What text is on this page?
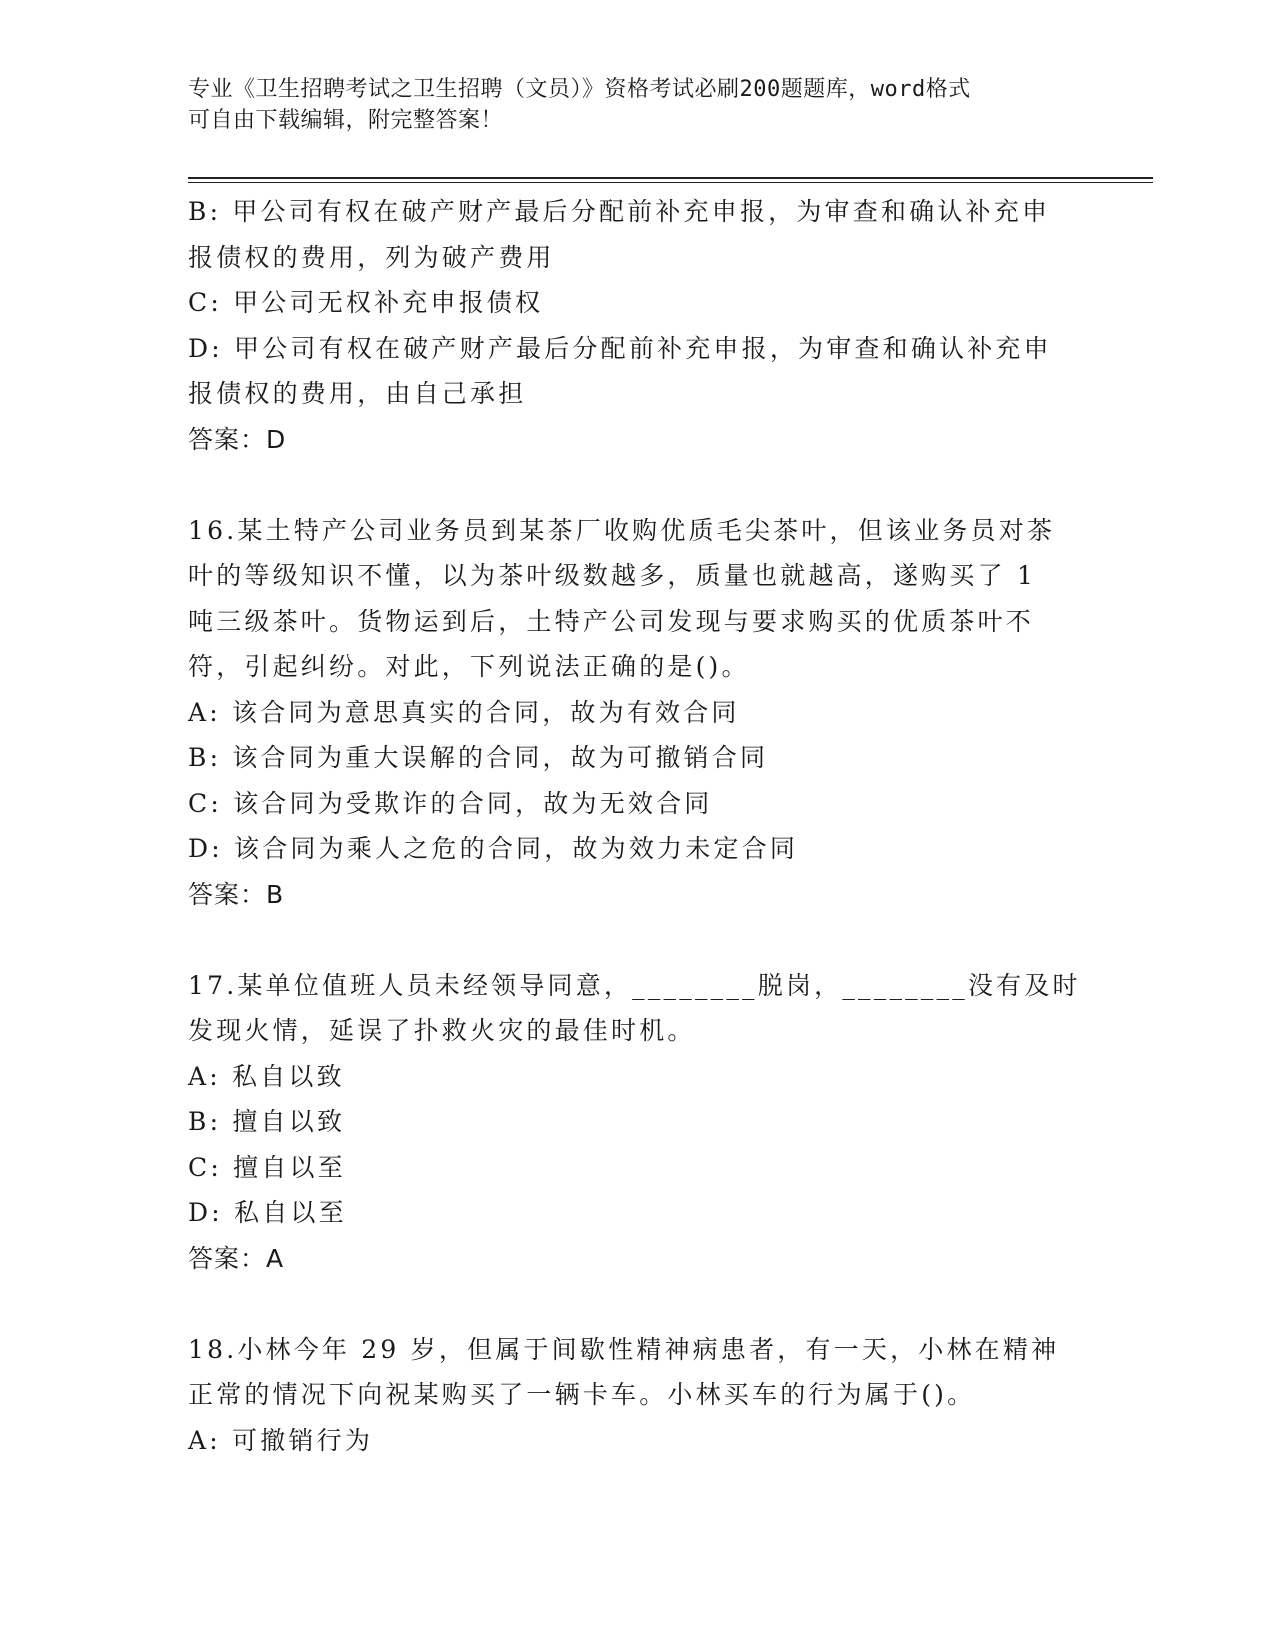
专业《卫生招聘考试之卫生招聘（文员）》资格考试必刷200题题库，word格式
可自由下载编辑，附完整答案！
B: 甲公司有权在破产财产最后分配前补充申报，为审查和确认补充申
报债权的费用，列为破产费用
C: 甲公司无权补充申报债权
D: 甲公司有权在破产财产最后分配前补充申报，为审查和确认补充申
报债权的费用，由自己承担
答案：D
16.某土特产公司业务员到某茶厂收购优质毛尖茶叶，但该业务员对茶
叶的等级知识不懂，以为茶叶级数越多，质量也就越高，遂购买了 1
吨三级茶叶。货物运到后，土特产公司发现与要求购买的优质茶叶不
符，引起纠纷。对此，下列说法正确的是()。
A: 该合同为意思真实的合同，故为有效合同
B: 该合同为重大误解的合同，故为可撤销合同
C: 该合同为受欺诈的合同，故为无效合同
D: 该合同为乘人之危的合同，故为效力未定合同
答案：B
17.某单位值班人员未经领导同意，________脱岗，________没有及时
发现火情，延误了扑救火灾的最佳时机。
A: 私自以致
B: 擅自以致
C: 擅自以至
D: 私自以至
答案：A
18.小林今年 29 岁，但属于间歇性精神病患者，有一天，小林在精神
正常的情况下向祝某购买了一辆卡车。小林买车的行为属于()。
A: 可撤销行为
